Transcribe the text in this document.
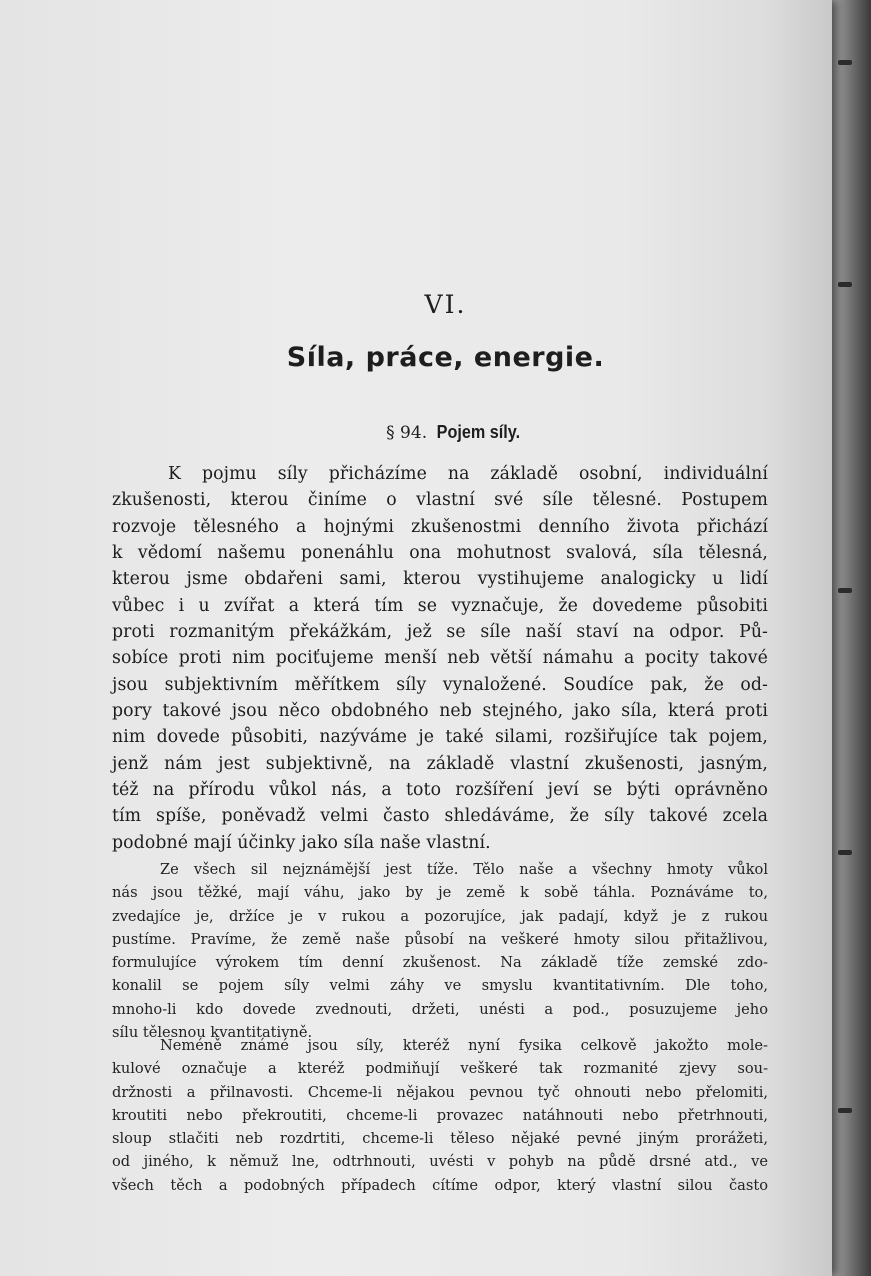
VI.
Síla, práce, energie.
§ 94. Pojem síly.

K pojmu síly přicházíme na základě osobní, individuální
zkušenosti, kterou činíme o vlastní své síle tělesné. Postupem
rozvoje tělesného a hojnými zkušenostmi denního života přichází
k vědomí našemu ponenáhlu ona mohutnost svalová, síla tělesná,
kterou jsme obdařeni sami, kterou vystihujeme analogicky u lidí
vůbec i u zvířat a která tím se vyznačuje, že dovedeme působiti
proti rozmanitým překážkám, jež se síle naší staví na odpor. Pů-
sobíce proti nim pociťujeme menší neb větší námahu a pocity takové
jsou subjektivním měřítkem síly vynaložené. Soudíce pak, že od-
pory takové jsou něco obdobného neb stejného, jako síla, která proti
nim dovede působiti, nazýváme je také silami, rozšiřujíce tak pojem,
jenž nám jest subjektivně, na základě vlastní zkušenosti, jasným,
též na přírodu vůkol nás, a toto rozšíření jeví se býti oprávněno
tím spíše, poněvadž velmi často shledáváme, že síly takové zcela
podobné mají účinky jako síla naše vlastní.

Ze všech sil nejznámější jest tíže. Tělo naše a všechny hmoty vůkol
nás jsou těžké, mají váhu, jako by je země k sobě táhla. Poznáváme to,
zvedajíce je, držíce je v rukou a pozorujíce, jak padají, když je z rukou
pustíme. Pravíme, že země naše působí na veškeré hmoty silou přitažlivou,
formulujíce výrokem tím denní zkušenost. Na základě tíže zemské zdo-
konalil se pojem síly velmi záhy ve smyslu kvantitativním. Dle toho,
mnoho-li kdo dovede zvednouti, držeti, unésti a pod., posuzujeme jeho
sílu tělesnou kvantitativně.

Neméně známé jsou síly, kteréž nyní fysika celkově jakožto mole-
kulové označuje a kteréž podmiňují veškeré tak rozmanité zjevy sou-
držnosti a přilnavosti. Chceme-li nějakou pevnou tyč ohnouti nebo přelomiti,
kroutiti nebo překroutiti, chceme-li provazec natáhnouti nebo přetrhnouti,
sloup stlačiti neb rozdrtiti, chceme-li těleso nějaké pevné jiným prorážeti,
od jiného, k němuž lne, odtrhnouti, uvésti v pohyb na půdě drsné atd., ve
všech těch a podobných případech cítíme odpor, který vlastní silou často
